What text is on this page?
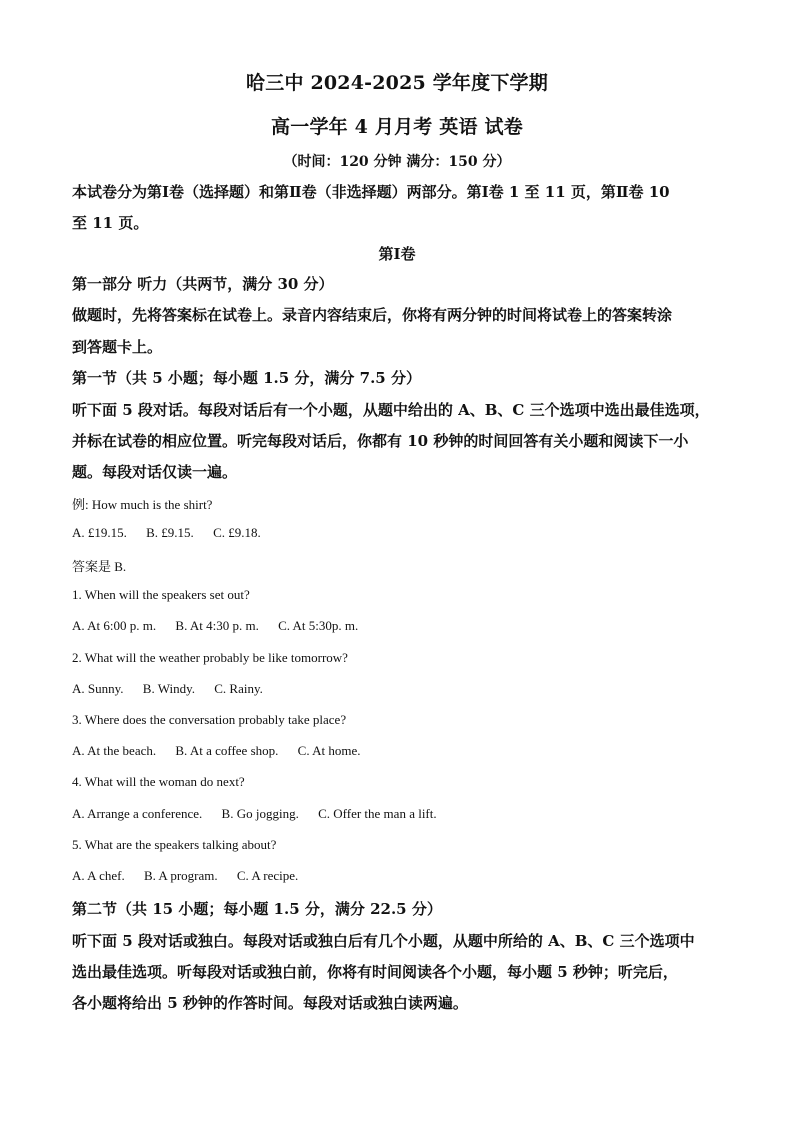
哈三中 2024-2025 学年度下学期
高一学年 4 月月考 英语 试卷
（时间：120 分钟 满分：150 分）
本试卷分为第Ⅰ卷（选择题）和第Ⅱ卷（非选择题）两部分。第Ⅰ卷 1 至 11 页，第Ⅱ卷 10
至 11 页。
第Ⅰ卷
第一部分 听力（共两节，满分 30 分）
做题时，先将答案标在试卷上。录音内容结束后，你将有两分钟的时间将试卷上的答案转涂
到答题卡上。
第一节（共 5 小题；每小题 1.5 分，满分 7.5 分）
听下面 5 段对话。每段对话后有一个小题，从题中给出的 A、B、C 三个选项中选出最佳选项，
并标在试卷的相应位置。听完每段对话后，你都有 10 秒钟的时间回答有关小题和阅读下一小
题。每段对话仅读一遍。
例: How much is the shirt?
A. £19.15. B. £9.15. C. £9.18.
答案是 B.
1. When will the speakers set out?
A. At 6:00 p. m. B. At 4:30 p. m. C. At 5:30p. m.
2. What will the weather probably be like tomorrow?
A. Sunny. B. Windy. C. Rainy.
3. Where does the conversation probably take place?
A. At the beach. B. At a coffee shop. C. At home.
4. What will the woman do next?
A. Arrange a conference. B. Go jogging. C. Offer the man a lift.
5. What are the speakers talking about?
A. A chef. B. A program. C. A recipe.
第二节（共 15 小题；每小题 1.5 分，满分 22.5 分）
听下面 5 段对话或独白。每段对话或独白后有几个小题，从题中所给的 A、B、C 三个选项中
选出最佳选项。听每段对话或独白前，你将有时间阅读各个小题，每小题 5 秒钟；听完后，
各小题将给出 5 秒钟的作答时间。每段对话或独白读两遍。
